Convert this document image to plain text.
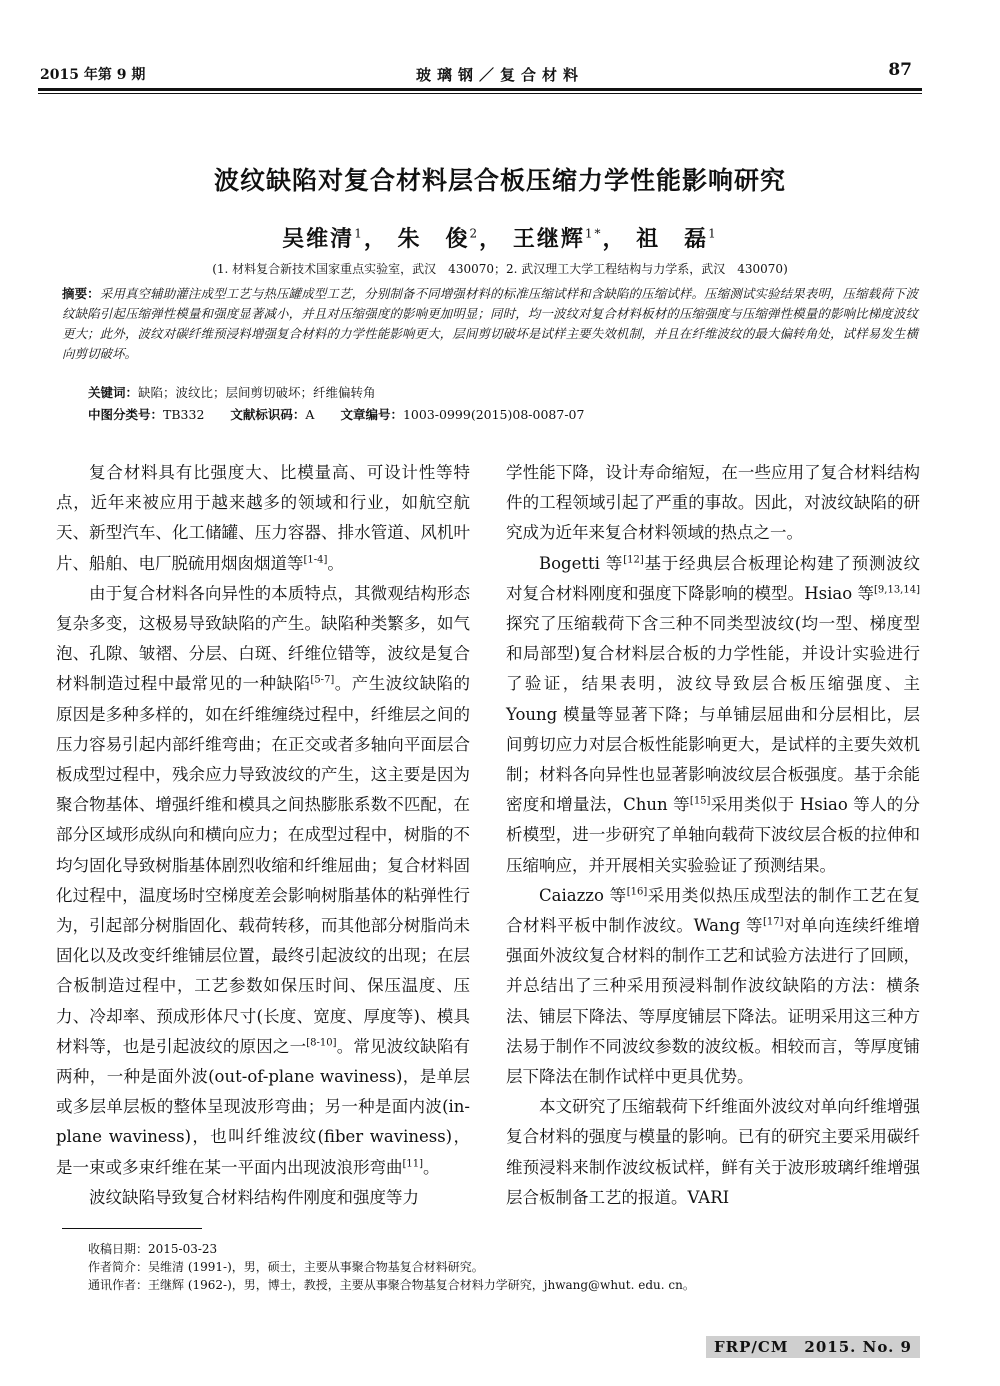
2015 年第 9 期	玻璃钢／复合材料	87
波纹缺陷对复合材料层合板压缩力学性能影响研究
吴维清$^1$， 朱　俊$^2$， 王继辉$^{1*}$， 祖　磊$^1$
(1. 材料复合新技术国家重点实验室，武汉　430070；2. 武汉理工大学工程结构与力学系，武汉　430070)
摘要：采用真空辅助灌注成型工艺与热压罐成型工艺，分别制备不同增强材料的标准压缩试样和含缺陷的压缩试样。压缩测试实验结果表明，压缩载荷下波纹缺陷引起压缩弹性模量和强度显著减小，并且对压缩强度的影响更加明显；同时，均一波纹对复合材料板材的压缩强度与压缩弹性模量的影响比梯度波纹更大；此外，波纹对碳纤维预浸料增强复合材料的力学性能影响更大，层间剪切破坏是试样主要失效机制，并且在纤维波纹的最大偏转角处，试样易发生横向剪切破坏。
关键词：缺陷；波纹比；层间剪切破坏；纤维偏转角
中图分类号：TB332 文献标识码：A 文章编号：1003-0999(2015)08-0087-07

复合材料具有比强度大、比模量高、可设计性等特点，近年来被应用于越来越多的领域和行业，如航空航天、新型汽车、化工储罐、压力容器、排水管道、风机叶片、船舶、电厂脱硫用烟囱烟道等[1-4]。

由于复合材料各向异性的本质特点，其微观结构形态复杂多变，这极易导致缺陷的产生。缺陷种类繁多，如气泡、孔隙、皱褶、分层、白斑、纤维位错等，波纹是复合材料制造过程中最常见的一种缺陷[5-7]。产生波纹缺陷的原因是多种多样的，如在纤维缠绕过程中，纤维层之间的压力容易引起内部纤维弯曲；在正交或者多轴向平面层合板成型过程中，残余应力导致波纹的产生，这主要是因为聚合物基体、增强纤维和模具之间热膨胀系数不匹配，在部分区域形成纵向和横向应力；在成型过程中，树脂的不均匀固化导致树脂基体剧烈收缩和纤维屈曲；复合材料固化过程中，温度场时空梯度差会影响树脂基体的粘弹性行为，引起部分树脂固化、载荷转移，而其他部分树脂尚未固化以及改变纤维铺层位置，最终引起波纹的出现；在层合板制造过程中，工艺参数如保压时间、保压温度、压力、冷却率、预成形体尺寸(长度、宽度、厚度等)、模具材料等，也是引起波纹的原因之一[8-10]。常见波纹缺陷有两种，一种是面外波(out-of-plane waviness)，是单层或多层单层板的整体呈现波形弯曲；另一种是面内波(in-plane waviness)，也叫纤维波纹(fiber waviness)，是一束或多束纤维在某一平面内出现波浪形弯曲[11]。

波纹缺陷导致复合材料结构件刚度和强度等力

学性能下降，设计寿命缩短，在一些应用了复合材料结构件的工程领域引起了严重的事故。因此，对波纹缺陷的研究成为近年来复合材料领域的热点之一。

Bogetti 等[12]基于经典层合板理论构建了预测波纹对复合材料刚度和强度下降影响的模型。Hsiao 等[9,13,14]探究了压缩载荷下含三种不同类型波纹(均一型、梯度型和局部型)复合材料层合板的力学性能，并设计实验进行了验证，结果表明，波纹导致层合板压缩强度、主 Young 模量等显著下降；与单铺层屈曲和分层相比，层间剪切应力对层合板性能影响更大，是试样的主要失效机制；材料各向异性也显著影响波纹层合板强度。基于余能密度和增量法，Chun 等[15]采用类似于 Hsiao 等人的分析模型，进一步研究了单轴向载荷下波纹层合板的拉伸和压缩响应，并开展相关实验验证了预测结果。

Caiazzo 等[16]采用类似热压成型法的制作工艺在复合材料平板中制作波纹。Wang 等[17]对单向连续纤维增强面外波纹复合材料的制作工艺和试验方法进行了回顾，并总结出了三种采用预浸料制作波纹缺陷的方法：横条法、铺层下降法、等厚度铺层下降法。证明采用这三种方法易于制作不同波纹参数的波纹板。相较而言，等厚度铺层下降法在制作试样中更具优势。

本文研究了压缩载荷下纤维面外波纹对单向纤维增强复合材料的强度与模量的影响。已有的研究主要采用碳纤维预浸料来制作波纹板试样，鲜有关于波形玻璃纤维增强层合板制备工艺的报道。VARI

收稿日期：2015-03-23
作者简介：吴维清 (1991-)，男，硕士，主要从事聚合物基复合材料研究。
通讯作者：王继辉 (1962-)，男，博士，教授，主要从事聚合物基复合材料力学研究，jhwang@whut. edu. cn。
FRP/CM　2015. No. 9
